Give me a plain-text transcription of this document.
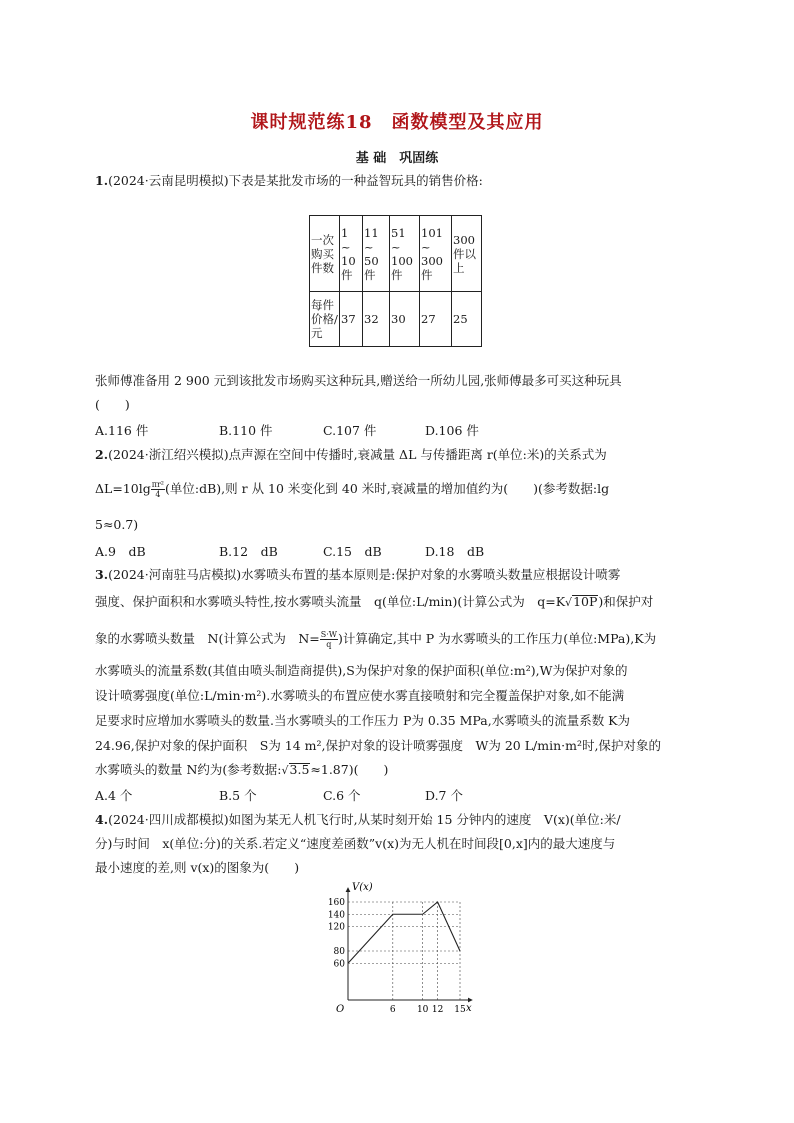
课时规范练18　函数模型及其应用
基 础　巩固练
1.(2024·云南昆明模拟)下表是某批发市场的一种益智玩具的销售价格:
一次购买件数	1 ~ 10件	11 ~ 50件	51 ~ 100件	101 ~ 300件	300件以上
每件价格/元	37	32	30	27	25
张师傅准备用 2 900 元到该批发市场购买这种玩具,赠送给一所幼儿园,张师傅最多可买这种玩具
(　　)
A.116 件	B.110 件	C.107 件	D.106 件
2.(2024·浙江绍兴模拟)点声源在空间中传播时,衰减量 ΔL 与传播距离 r(单位:米)的关系式为
$\Delta L=10\lg \frac{\text{πr²}}{4}$ (单位:dB),则 r 从 10 米变化到 40 米时,衰减量的增加值约为(　　)(参考数据:lg
5≈0.7)
A.9　dB	B.12　dB	C.15　dB	D.18　dB
3.(2024·河南驻马店模拟)水雾喷头布置的基本原则是:保护对象的水雾喷头数量应根据设计喷雾
强度、保护面积和水雾喷头特性,按水雾喷头流量　q(单位:L/min)(计算公式为　q=K√10P)和保护对
象的水雾喷头数量　N(计算公式为　$N= \frac{S\cdot W}{q}$ )计算确定,其中 P 为水雾喷头的工作压力(单位:MPa),K为
水雾喷头的流量系数(其值由喷头制造商提供),S为保护对象的保护面积(单位:m²),W为保护对象的
设计喷雾强度(单位:L/min·m²).水雾喷头的布置应使水雾直接喷射和完全覆盖保护对象,如不能满
足要求时应增加水雾喷头的数量.当水雾喷头的工作压力 P为 0.35 MPa,水雾喷头的流量系数 K为
24.96,保护对象的保护面积　S为 14 m²,保护对象的设计喷雾强度　W为 20 L/min·m²时,保护对象的
水雾喷头的数量 N约为(参考数据:√3.5≈1.87)(　　)
A.4 个	B.5 个	C.6 个	D.7 个
4.(2024·四川成都模拟)如图为某无人机飞行时,从某时刻开始 15 分钟内的速度　V(x)(单位:米/
分)与时间　x(单位:分)的关系.若定义“速度差函数”v(x)为无人机在时间段[0,x]内的最大速度与
最小速度的差,则 v(x)的图象为(　　)
60
80
120
140
160
6 10 12 15
V(x)
x
O
